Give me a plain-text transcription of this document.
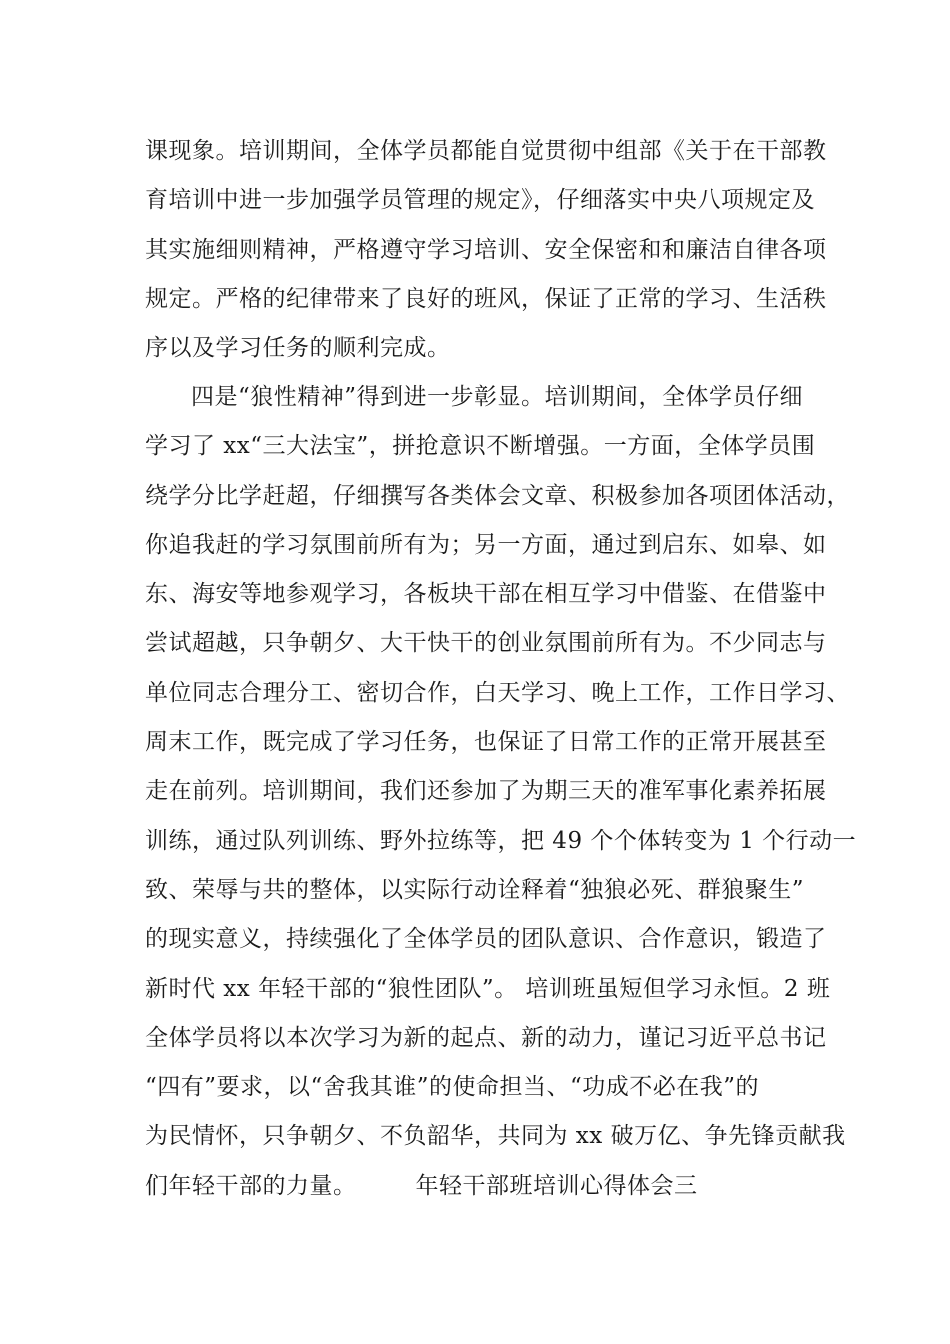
课现象。培训期间，全体学员都能自觉贯彻中组部《关于在干部教
育培训中进一步加强学员管理的规定》，仔细落实中央八项规定及
其实施细则精神，严格遵守学习培训、安全保密和和廉洁自律各项
规定。严格的纪律带来了良好的班风，保证了正常的学习、生活秩
序以及学习任务的顺利完成。
四是“狼性精神”得到进一步彰显。培训期间，全体学员仔细
学习了 xx“三大法宝”，拼抢意识不断增强。一方面，全体学员围
绕学分比学赶超，仔细撰写各类体会文章、积极参加各项团体活动，
你追我赶的学习氛围前所有为；另一方面，通过到启东、如皋、如
东、海安等地参观学习，各板块干部在相互学习中借鉴、在借鉴中
尝试超越，只争朝夕、大干快干的创业氛围前所有为。不少同志与
单位同志合理分工、密切合作，白天学习、晚上工作，工作日学习、
周末工作，既完成了学习任务，也保证了日常工作的正常开展甚至
走在前列。培训期间，我们还参加了为期三天的准军事化素养拓展
训练，通过队列训练、野外拉练等，把 49 个个体转变为 1 个行动一
致、荣辱与共的整体，以实际行动诠释着“独狼必死、群狼聚生”
的现实意义，持续强化了全体学员的团队意识、合作意识，锻造了
新时代 xx 年轻干部的“狼性团队”。 培训班虽短但学习永恒。2 班
全体学员将以本次学习为新的起点、新的动力，谨记习近平总书记
“四有”要求，以“舍我其谁”的使命担当、“功成不必在我”的
为民情怀，只争朝夕、不负韶华，共同为 xx 破万亿、争先锋贡献我
们年轻干部的力量。　　　年轻干部班培训心得体会三
